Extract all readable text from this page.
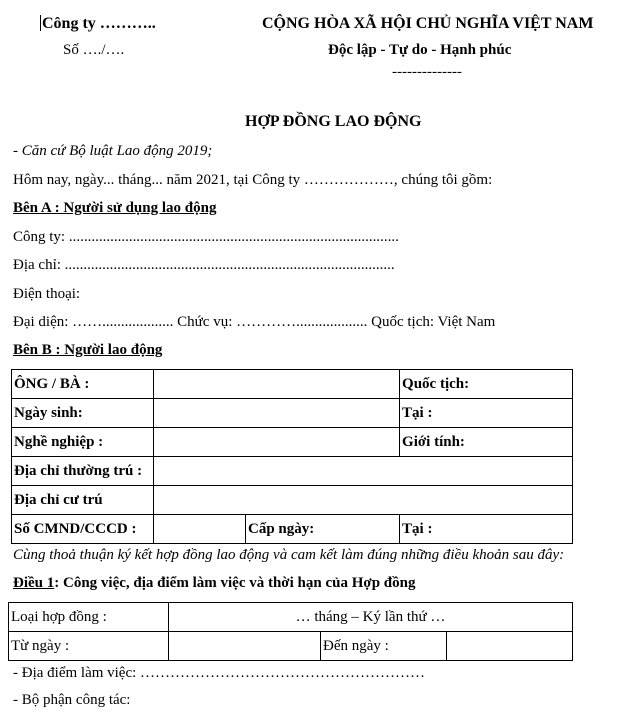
Công ty ………..
Số …./….
CỘNG HÒA XÃ HỘI CHỦ NGHĨA VIỆT NAM
Độc lập - Tự do - Hạnh phúc
--------------
HỢP ĐỒNG LAO ĐỘNG
- Căn cứ Bộ luật Lao động 2019;
Hôm nay, ngày... tháng... năm 2021, tại Công ty ………………, chúng tôi gồm:
Bên A : Người sử dụng lao động
Công ty: ........................................................................................
Địa chỉ: ........................................................................................
Điện thoại:
Đại diện: ……................... Chức vụ: …………................... Quốc tịch: Việt Nam
Bên B : Người lao động
ÔNG / BÀ :			Quốc tịch:
Ngày sinh:			Tại :
Nghề nghiệp :			Giới tính:
Địa chỉ thường trú :			
Địa chỉ cư trú			
Số CMND/CCCD :		Cấp ngày:	Tại :
Cùng thoả thuận ký kết hợp đồng lao động và cam kết làm đúng những điều khoản sau đây:
Điều 1: Công việc, địa điểm làm việc và thời hạn của Hợp đồng
Loại hợp đồng :	… tháng – Ký lần thứ …		
Từ ngày :		Đến ngày :	
- Địa điểm làm việc: …………………………………………………
- Bộ phận công tác:
